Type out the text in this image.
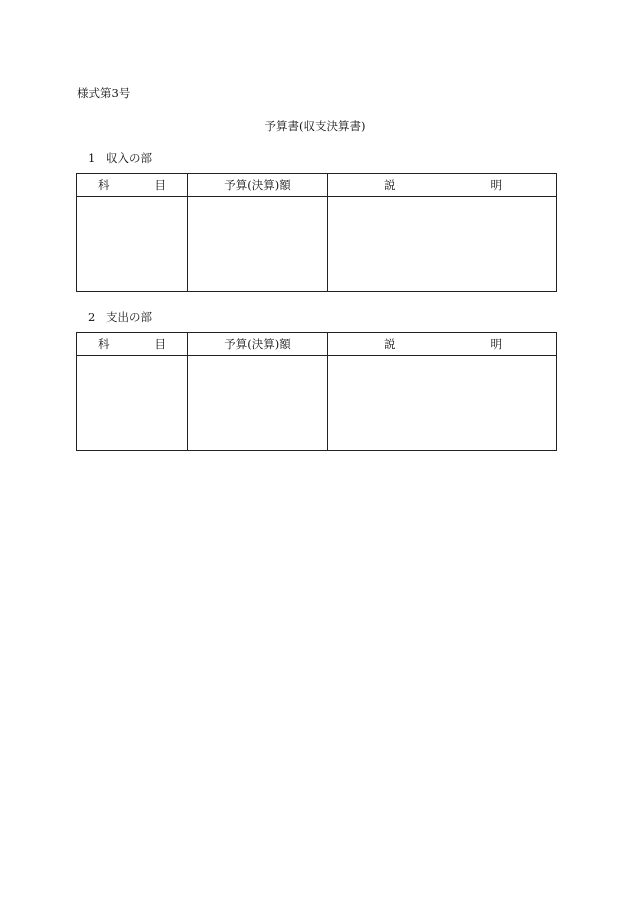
様式第3号
予算書(収支決算書)
1 収入の部
科 目	予算(決算)額	説 明

2 支出の部
科 目	予算(決算)額	説 明
